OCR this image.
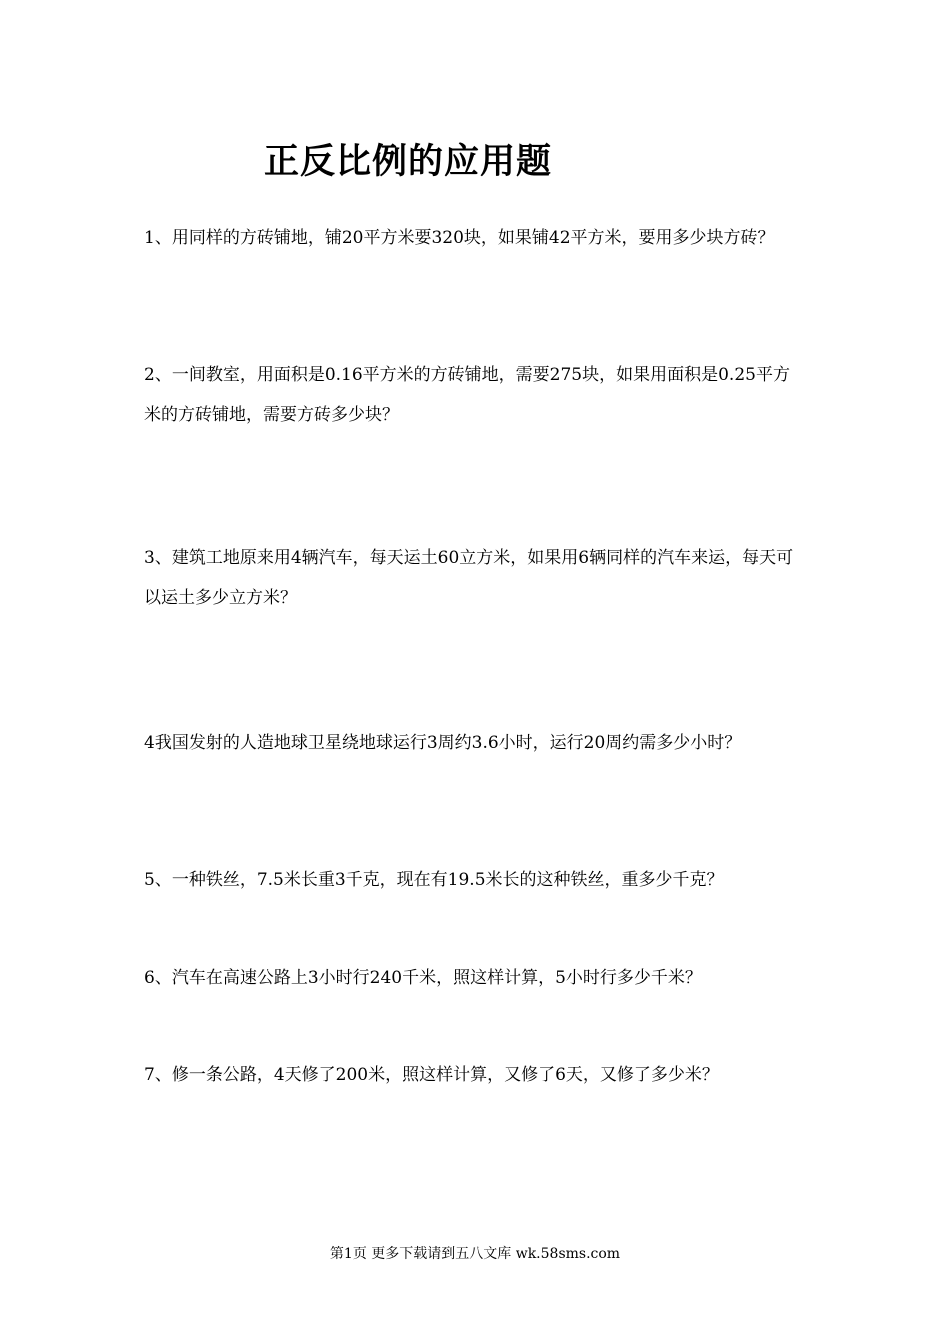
正反比例的应用题

1、用同样的方砖铺地，铺20平方米要320块，如果铺42平方米，要用多少块方砖？

2、一间教室，用面积是0.16平方米的方砖铺地，需要275块，如果用面积是0.25平方米的方砖铺地，需要方砖多少块？

3、建筑工地原来用4辆汽车，每天运土60立方米，如果用6辆同样的汽车来运，每天可以运土多少立方米？

4我国发射的人造地球卫星绕地球运行3周约3.6小时，运行20周约需多少小时？

5、一种铁丝，7.5米长重3千克，现在有19.5米长的这种铁丝，重多少千克？

6、汽车在高速公路上3小时行240千米，照这样计算，5小时行多少千米？

7、修一条公路，4天修了200米，照这样计算，又修了6天，又修了多少米？

第1页 更多下载请到五八文库 wk.58sms.com
